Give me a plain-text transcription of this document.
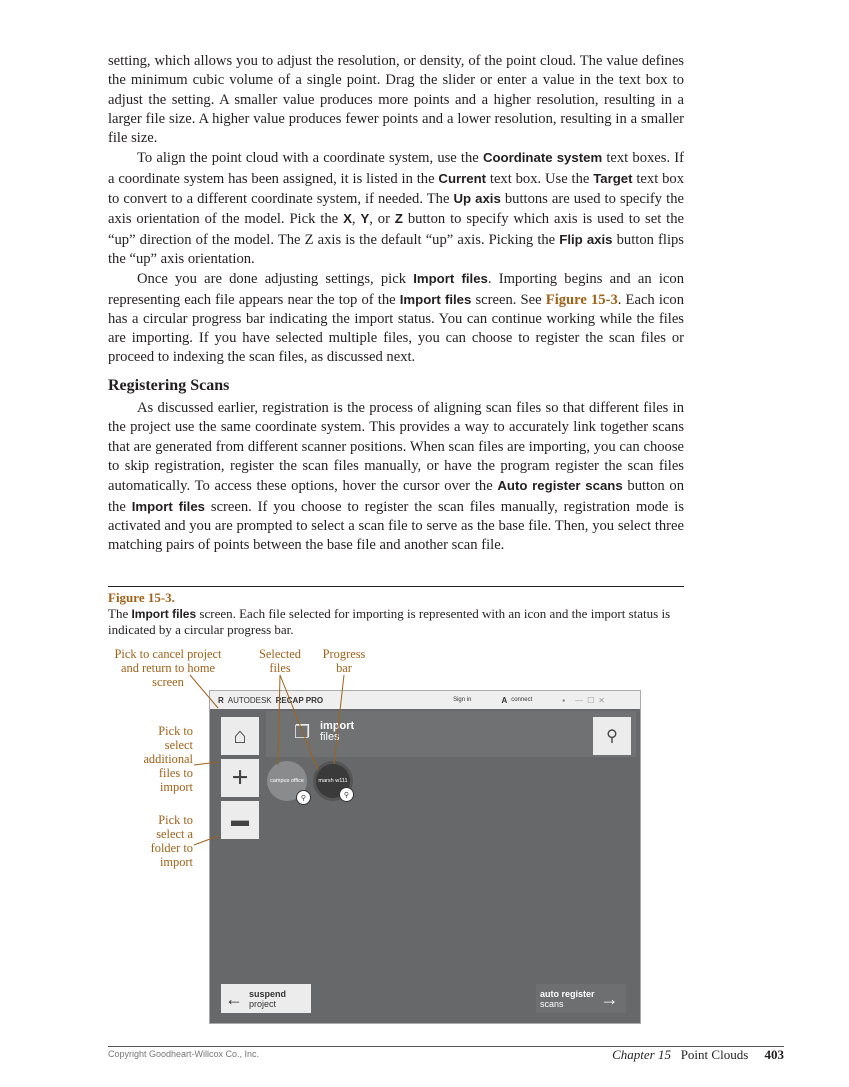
setting, which allows you to adjust the resolution, or density, of the point cloud. The value defines the minimum cubic volume of a single point. Drag the slider or enter a value in the text box to adjust the setting. A smaller value produces more points and a higher resolution, resulting in a larger file size. A higher value produces fewer points and a lower resolution, resulting in a smaller file size.

To align the point cloud with a coordinate system, use the Coordinate system text boxes. If a coordinate system has been assigned, it is listed in the Current text box. Use the Target text box to convert to a different coordinate system, if needed. The Up axis buttons are used to specify the axis orientation of the model. Pick the X, Y, or Z button to specify which axis is used to set the “up” direction of the model. The Z axis is the default “up” axis. Picking the Flip axis button flips the “up” axis orientation.

Once you are done adjusting settings, pick Import files. Importing begins and an icon representing each file appears near the top of the Import files screen. See Figure 15-3. Each icon has a circular progress bar indicating the import status. You can continue working while the files are importing. If you have selected multiple files, you can choose to register the scan files or proceed to indexing the scan files, as discussed next.

Registering Scans

As discussed earlier, registration is the process of aligning scan files so that different files in the project use the same coordinate system. This provides a way to accurately link together scans that are generated from different scanner positions. When scan files are importing, you can choose to skip registration, register the scan files manually, or have the program register the scan files automatically. To access these options, hover the cursor over the Auto register scans button on the Import files screen. If you choose to register the scan files manually, registration mode is activated and you are prompted to select a scan file to serve as the base file. Then, you select three matching pairs of points between the base file and another scan file.

Figure 15-3.
The Import files screen. Each file selected for importing is represented with an icon and the import status is indicated by a circular progress bar.
Pick to cancel project and return to home screen
Selected files
Progress bar
Pick to select additional files to import
Pick to select a folder to import
R AUTODESK RECAP PRO	Sign in	A connect	▪ — ☐ ✕
⌂
+
▬
❐ import
files	⚲
campus office
⚲
marsh w111
⚲
← suspend
project
auto register
scans	→
Copyright Goodheart-Willcox Co., Inc.	Chapter 15 Point Clouds 403
